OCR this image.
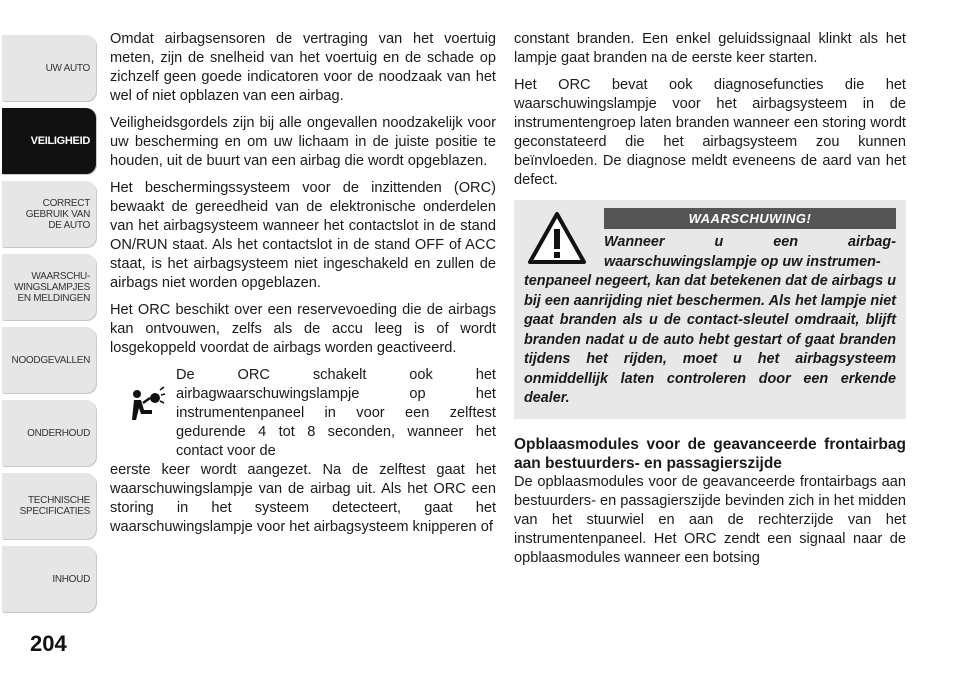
UW AUTO
VEILIGHEID
CORRECT
GEBRUIK VAN
DE AUTO
WAARSCHU-
WINGSLAMPJES
EN MELDINGEN
NOODGEVALLEN
ONDERHOUD
TECHNISCHE
SPECIFICATIES
INHOUD
204

Omdat airbagsensoren de vertraging van het voertuig meten, zijn de snelheid van het voertuig en de schade op zichzelf geen goede indicatoren voor de noodzaak van het wel of niet opblazen van een airbag.

Veiligheidsgordels zijn bij alle ongevallen noodzakelijk voor uw bescherming en om uw lichaam in de juiste positie te houden, uit de buurt van een airbag die wordt opgeblazen.

Het beschermingssysteem voor de inzittenden (ORC) bewaakt de gereedheid van de elektronische onderdelen van het airbagsysteem wanneer het contactslot in de stand ON/RUN staat. Als het contactslot in de stand OFF of ACC staat, is het airbagsysteem niet ingeschakeld en zullen de airbags niet worden opgeblazen.

Het ORC beschikt over een reservevoeding die de airbags kan ontvouwen, zelfs als de accu leeg is of wordt losgekoppeld voordat de airbags worden geactiveerd.

De ORC schakelt ook het airbagwaarschuwingslampje op het instrumentenpaneel in voor een zelftest gedurende 4 tot 8 seconden, wanneer het contact voor de

eerste keer wordt aangezet. Na de zelftest gaat het waarschuwingslampje van de airbag uit. Als het ORC een storing in het systeem detecteert, gaat het waarschuwingslampje voor het airbagsysteem knipperen of

constant branden. Een enkel geluidssignaal klinkt als het lampje gaat branden na de eerste keer starten.

Het ORC bevat ook diagnosefuncties die het waarschuwingslampje voor het airbagsysteem in de instrumentengroep laten branden wanneer een storing wordt geconstateerd die het airbagsysteem zou kunnen beïnvloeden. De diagnose meldt eveneens de aard van het defect.

WAARSCHUWING!
Wanneer u een airbag-waarschuwingslampje op uw instrumen-
tenpaneel negeert, kan dat betekenen dat de airbags u bij een aanrijding niet beschermen. Als het lampje niet gaat branden als u de contact-sleutel omdraait, blijft branden nadat u de auto hebt gestart of gaat branden tijdens het rijden, moet u het airbagsysteem onmiddellijk laten controleren door een erkende dealer.
Opblaasmodules voor de geavanceerde frontairbag aan bestuurders- en passagierszijde

De opblaasmodules voor de geavanceerde frontairbags aan bestuurders- en passagierszijde bevinden zich in het midden van het stuurwiel en aan de rechterzijde van het instrumentenpaneel. Het ORC zendt een signaal naar de opblaasmodules wanneer een botsing
